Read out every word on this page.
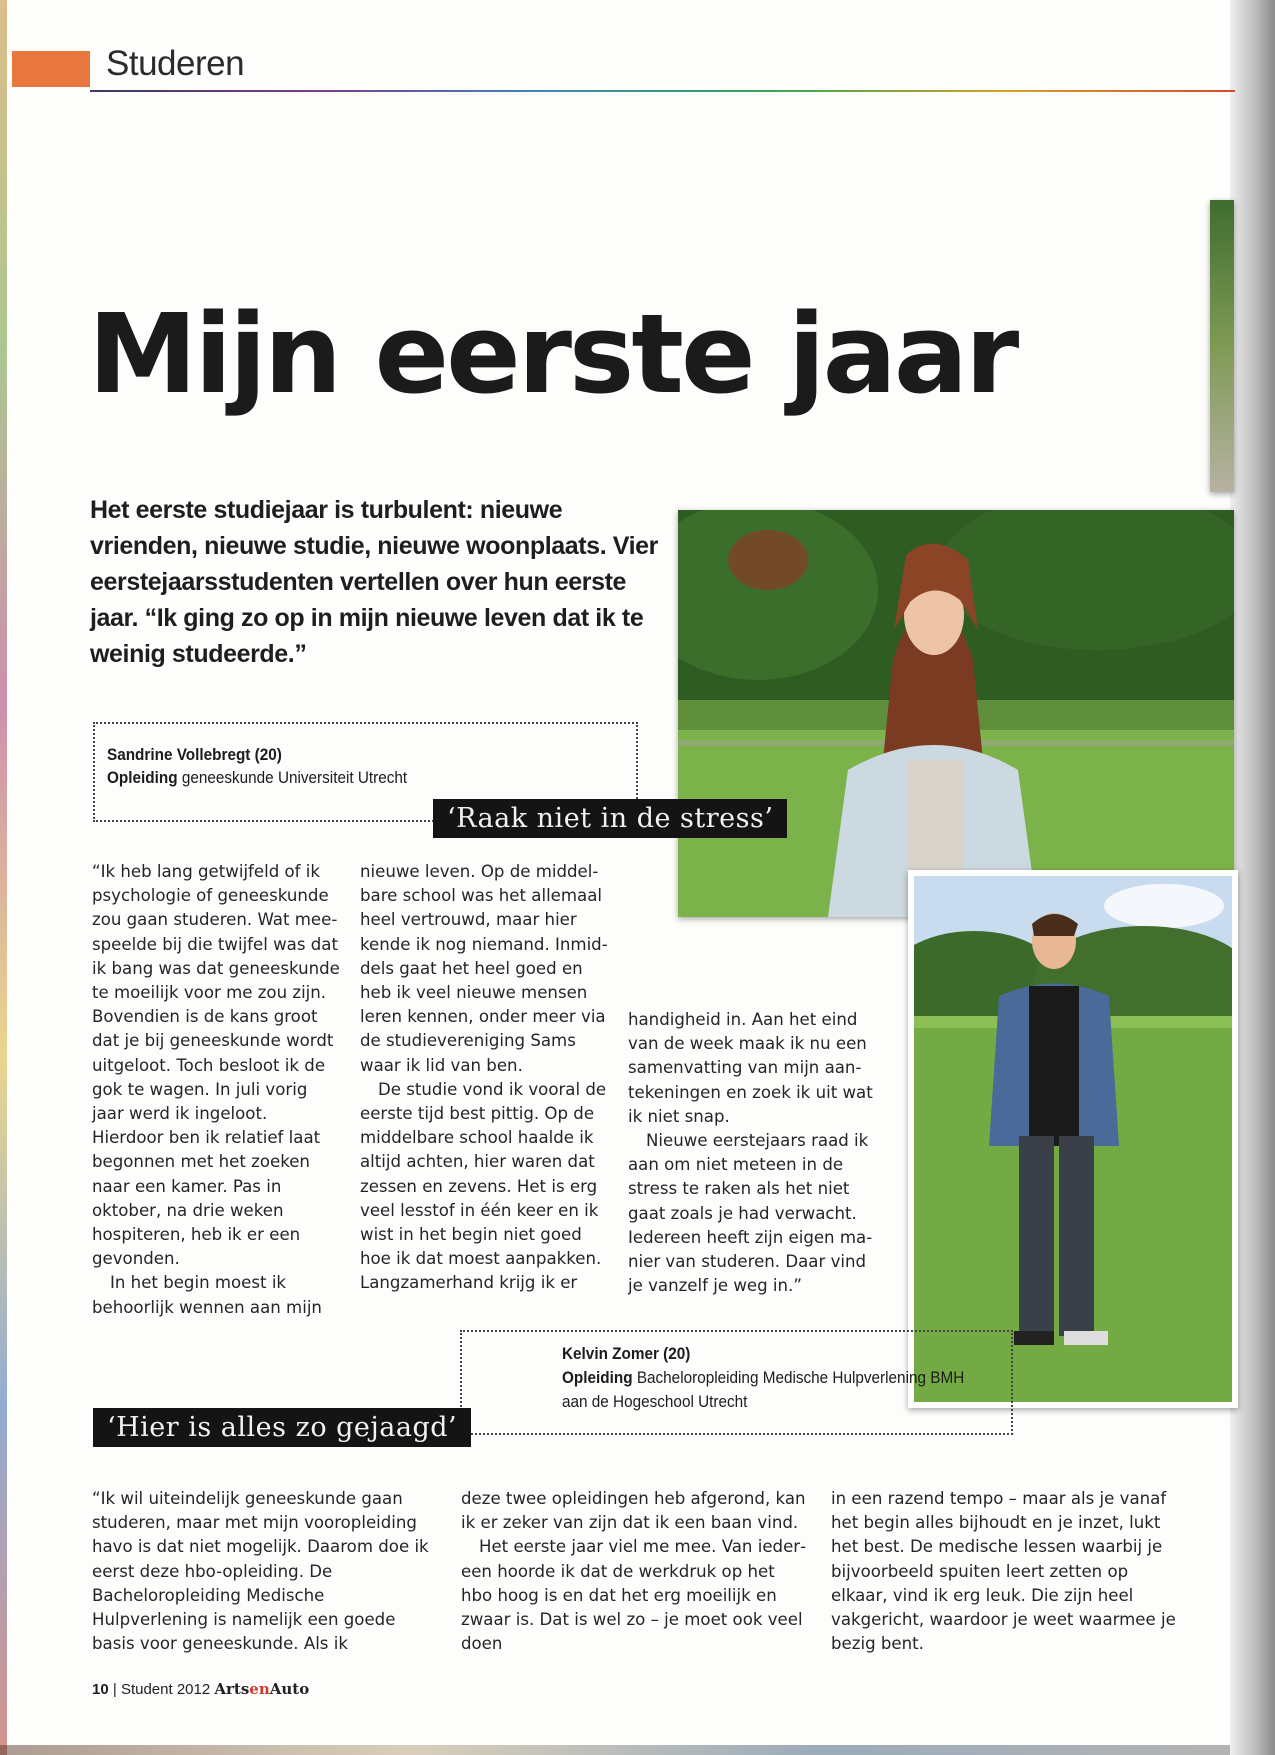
Studeren
Mijn eerste jaar
Het eerste studiejaar is turbulent: nieuwe vrienden, nieuwe studie, nieuwe woonplaats. Vier eerstejaarsstudenten vertellen over hun eerste jaar. “Ik ging zo op in mijn nieuwe leven dat ik te weinig studeerde.”
Sandrine Vollebregt (20)
Opleiding geneeskunde Universiteit Utrecht
‘Raak niet in de stress’

“Ik heb lang getwijfeld of ik psychologie of geneeskunde zou gaan studeren. Wat meespeelde bij die twijfel was dat ik bang was dat geneeskunde te moeilijk voor me zou zijn. Bovendien is de kans groot dat je bij geneeskunde wordt uitgeloot. Toch besloot ik de gok te wagen. In juli vorig jaar werd ik ingeloot. Hierdoor ben ik relatief laat begonnen met het zoeken naar een kamer. Pas in oktober, na drie weken hospiteren, heb ik er een gevonden.

In het begin moest ik behoorlijk wennen aan mijn

nieuwe leven. Op de middelbare school was het allemaal heel vertrouwd, maar hier kende ik nog niemand. Inmiddels gaat het heel goed en heb ik veel nieuwe mensen leren kennen, onder meer via de studievereniging Sams waar ik lid van ben.

De studie vond ik vooral de eerste tijd best pittig. Op de middelbare school haalde ik altijd achten, hier waren dat zessen en zevens. Het is erg veel lesstof in één keer en ik wist in het begin niet goed hoe ik dat moest aanpakken. Langzamerhand krijg ik er

handigheid in. Aan het eind van de week maak ik nu een samenvatting van mijn aantekeningen en zoek ik uit wat ik niet snap.

Nieuwe eerstejaars raad ik aan om niet meteen in de stress te raken als het niet gaat zoals je had verwacht. Iedereen heeft zijn eigen manier van studeren. Daar vind je vanzelf je weg in.”

Kelvin Zomer (20)
Opleiding Bacheloropleiding Medische Hulpverlening BMH
aan de Hogeschool Utrecht
‘Hier is alles zo gejaagd’

“Ik wil uiteindelijk geneeskunde gaan studeren, maar met mijn vooropleiding havo is dat niet mogelijk. Daarom doe ik eerst deze hbo-opleiding. De Bacheloropleiding Medische Hulpverlening is namelijk een goede basis voor geneeskunde. Als ik

deze twee opleidingen heb afgerond, kan ik er zeker van zijn dat ik een baan vind.

Het eerste jaar viel me mee. Van iedereen hoorde ik dat de werkdruk op het hbo hoog is en dat het erg moeilijk en zwaar is. Dat is wel zo – je moet ook veel doen

in een razend tempo – maar als je vanaf het begin alles bijhoudt en je inzet, lukt het best. De medische lessen waarbij je bijvoorbeeld spuiten leert zetten op elkaar, vind ik erg leuk. Die zijn heel vakgericht, waardoor je weet waarmee je bezig bent.

10 | Student 2012 ArtsenAuto
